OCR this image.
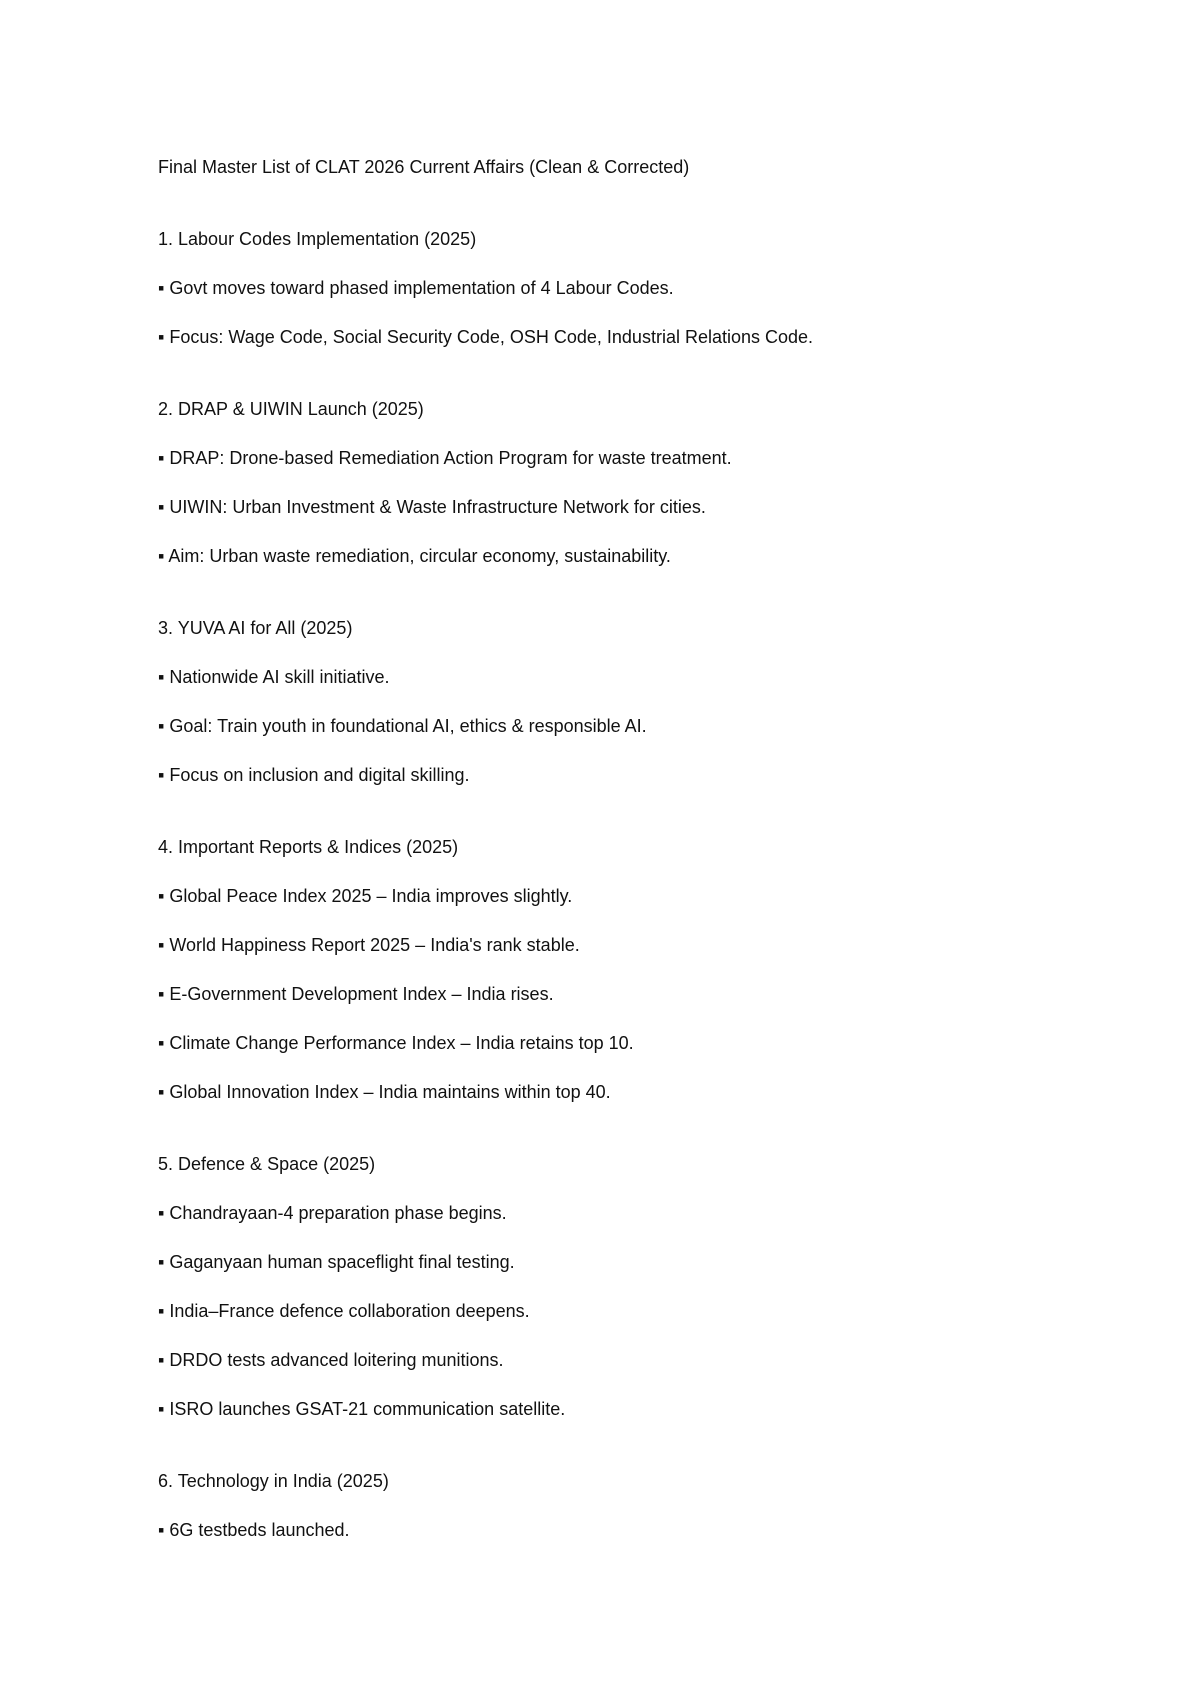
Final Master List of CLAT 2026 Current Affairs (Clean & Corrected)

1. Labour Codes Implementation (2025)

▪ Govt moves toward phased implementation of 4 Labour Codes.

▪ Focus: Wage Code, Social Security Code, OSH Code, Industrial Relations Code.

2. DRAP & UIWIN Launch (2025)

▪ DRAP: Drone-based Remediation Action Program for waste treatment.

▪ UIWIN: Urban Investment & Waste Infrastructure Network for cities.

▪ Aim: Urban waste remediation, circular economy, sustainability.

3. YUVA AI for All (2025)

▪ Nationwide AI skill initiative.

▪ Goal: Train youth in foundational AI, ethics & responsible AI.

▪ Focus on inclusion and digital skilling.

4. Important Reports & Indices (2025)

▪ Global Peace Index 2025 – India improves slightly.

▪ World Happiness Report 2025 – India's rank stable.

▪ E-Government Development Index – India rises.

▪ Climate Change Performance Index – India retains top 10.

▪ Global Innovation Index – India maintains within top 40.

5. Defence & Space (2025)

▪ Chandrayaan-4 preparation phase begins.

▪ Gaganyaan human spaceflight final testing.

▪ India–France defence collaboration deepens.

▪ DRDO tests advanced loitering munitions.

▪ ISRO launches GSAT-21 communication satellite.

6. Technology in India (2025)

▪ 6G testbeds launched.
